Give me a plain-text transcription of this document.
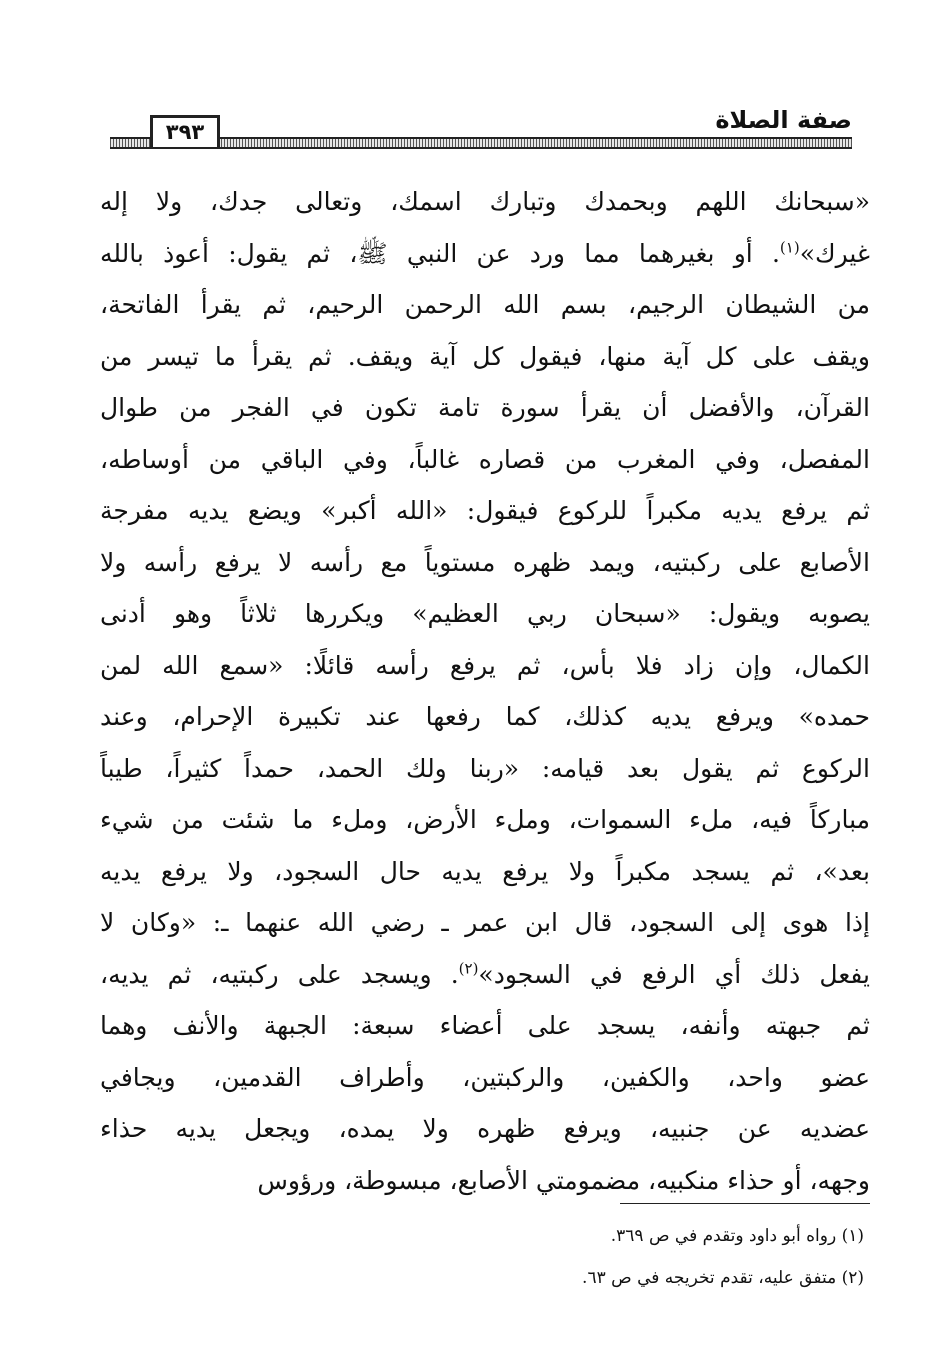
صفة الصلاة
٣٩٣
«سبحانك اللهم وبحمدك وتبارك اسمك، وتعالى جدك، ولا إله
غيرك»$^{(١)}$. أو بغيرهما مما ورد عن النبي ﷺ، ثم يقول: أعوذ بالله
من الشيطان الرجيم، بسم الله الرحمن الرحيم، ثم يقرأ الفاتحة،
ويقف على كل آية منها، فيقول كل آية ويقف. ثم يقرأ ما تيسر من
القرآن، والأفضل أن يقرأ سورة تامة تكون في الفجر من طوال
المفصل، وفي المغرب من قصاره غالباً، وفي الباقي من أوساطه،
ثم يرفع يديه مكبراً للركوع فيقول: «الله أكبر» ويضع يديه مفرجة
الأصابع على ركبتيه، ويمد ظهره مستوياً مع رأسه لا يرفع رأسه ولا
يصوبه ويقول: «سبحان ربي العظيم» ويكررها ثلاثاً وهو أدنى
الكمال، وإن زاد فلا بأس، ثم يرفع رأسه قائلًا: «سمع الله لمن
حمده» ويرفع يديه كذلك، كما رفعها عند تكبيرة الإحرام، وعند
الركوع ثم يقول بعد قيامه: «ربنا ولك الحمد، حمداً كثيراً، طيباً
مباركاً فيه، ملء السموات، وملء الأرض، وملء ما شئت من شيء
بعد»، ثم يسجد مكبراً ولا يرفع يديه حال السجود، ولا يرفع يديه
إذا هوى إلى السجود، قال ابن عمر ـ رضي الله عنهما ـ: «وكان لا
يفعل ذلك أي الرفع في السجود»$^{(٢)}$. ويسجد على ركبتيه، ثم يديه،
ثم جبهته وأنفه، يسجد على أعضاء سبعة: الجبهة والأنف وهما
عضو واحد، والكفين، والركبتين، وأطراف القدمين، ويجافي
عضديه عن جنبيه، ويرفع ظهره ولا يمده، ويجعل يديه حذاء
وجهه، أو حذاء منكبيه، مضمومتي الأصابع، مبسوطة، ورؤوس
(١) رواه أبو داود وتقدم في ص ٣٦٩.
(٢) متفق عليه، تقدم تخريجه في ص ٦٣.
